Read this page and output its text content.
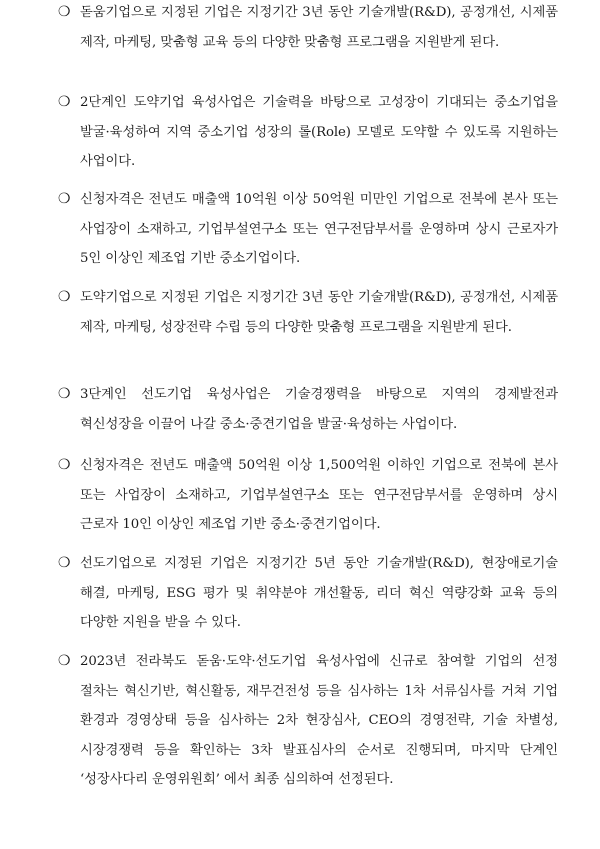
❍ 돋움기업으로 지정된 기업은 지정기간 3년 동안 기술개발(R&D), 공정개선, 시제품 제작, 마케팅, 맞춤형 교육 등의 다양한 맞춤형 프로그램을 지원받게 된다.
❍ 2단계인 도약기업 육성사업은 기술력을 바탕으로 고성장이 기대되는 중소기업을 발굴·육성하여 지역 중소기업 성장의 롤(Role) 모델로 도약할 수 있도록 지원하는 사업이다.
❍ 신청자격은 전년도 매출액 10억원 이상 50억원 미만인 기업으로 전북에 본사 또는 사업장이 소재하고, 기업부설연구소 또는 연구전담부서를 운영하며 상시 근로자가 5인 이상인 제조업 기반 중소기업이다.
❍ 도약기업으로 지정된 기업은 지정기간 3년 동안 기술개발(R&D), 공정개선, 시제품 제작, 마케팅, 성장전략 수립 등의 다양한 맞춤형 프로그램을 지원받게 된다.
❍ 3단계인 선도기업 육성사업은 기술경쟁력을 바탕으로 지역의 경제발전과 혁신성장을 이끌어 나갈 중소·중견기업을 발굴·육성하는 사업이다.
❍ 신청자격은 전년도 매출액 50억원 이상 1,500억원 이하인 기업으로 전북에 본사 또는 사업장이 소재하고, 기업부설연구소 또는 연구전담부서를 운영하며 상시 근로자 10인 이상인 제조업 기반 중소·중견기업이다.
❍ 선도기업으로 지정된 기업은 지정기간 5년 동안 기술개발(R&D), 현장애로기술 해결, 마케팅, ESG 평가 및 취약분야 개선활동, 리더 혁신 역량강화 교육 등의 다양한 지원을 받을 수 있다.
❍ 2023년 전라북도 돋움·도약·선도기업 육성사업에 신규로 참여할 기업의 선정 절차는 혁신기반, 혁신활동, 재무건전성 등을 심사하는 1차 서류심사를 거쳐 기업 환경과 경영상태 등을 심사하는 2차 현장심사, CEO의 경영전략, 기술 차별성, 시장경쟁력 등을 확인하는 3차 발표심사의 순서로 진행되며, 마지막 단계인 ‘성장사다리 운영위원회’ 에서 최종 심의하여 선정된다.
